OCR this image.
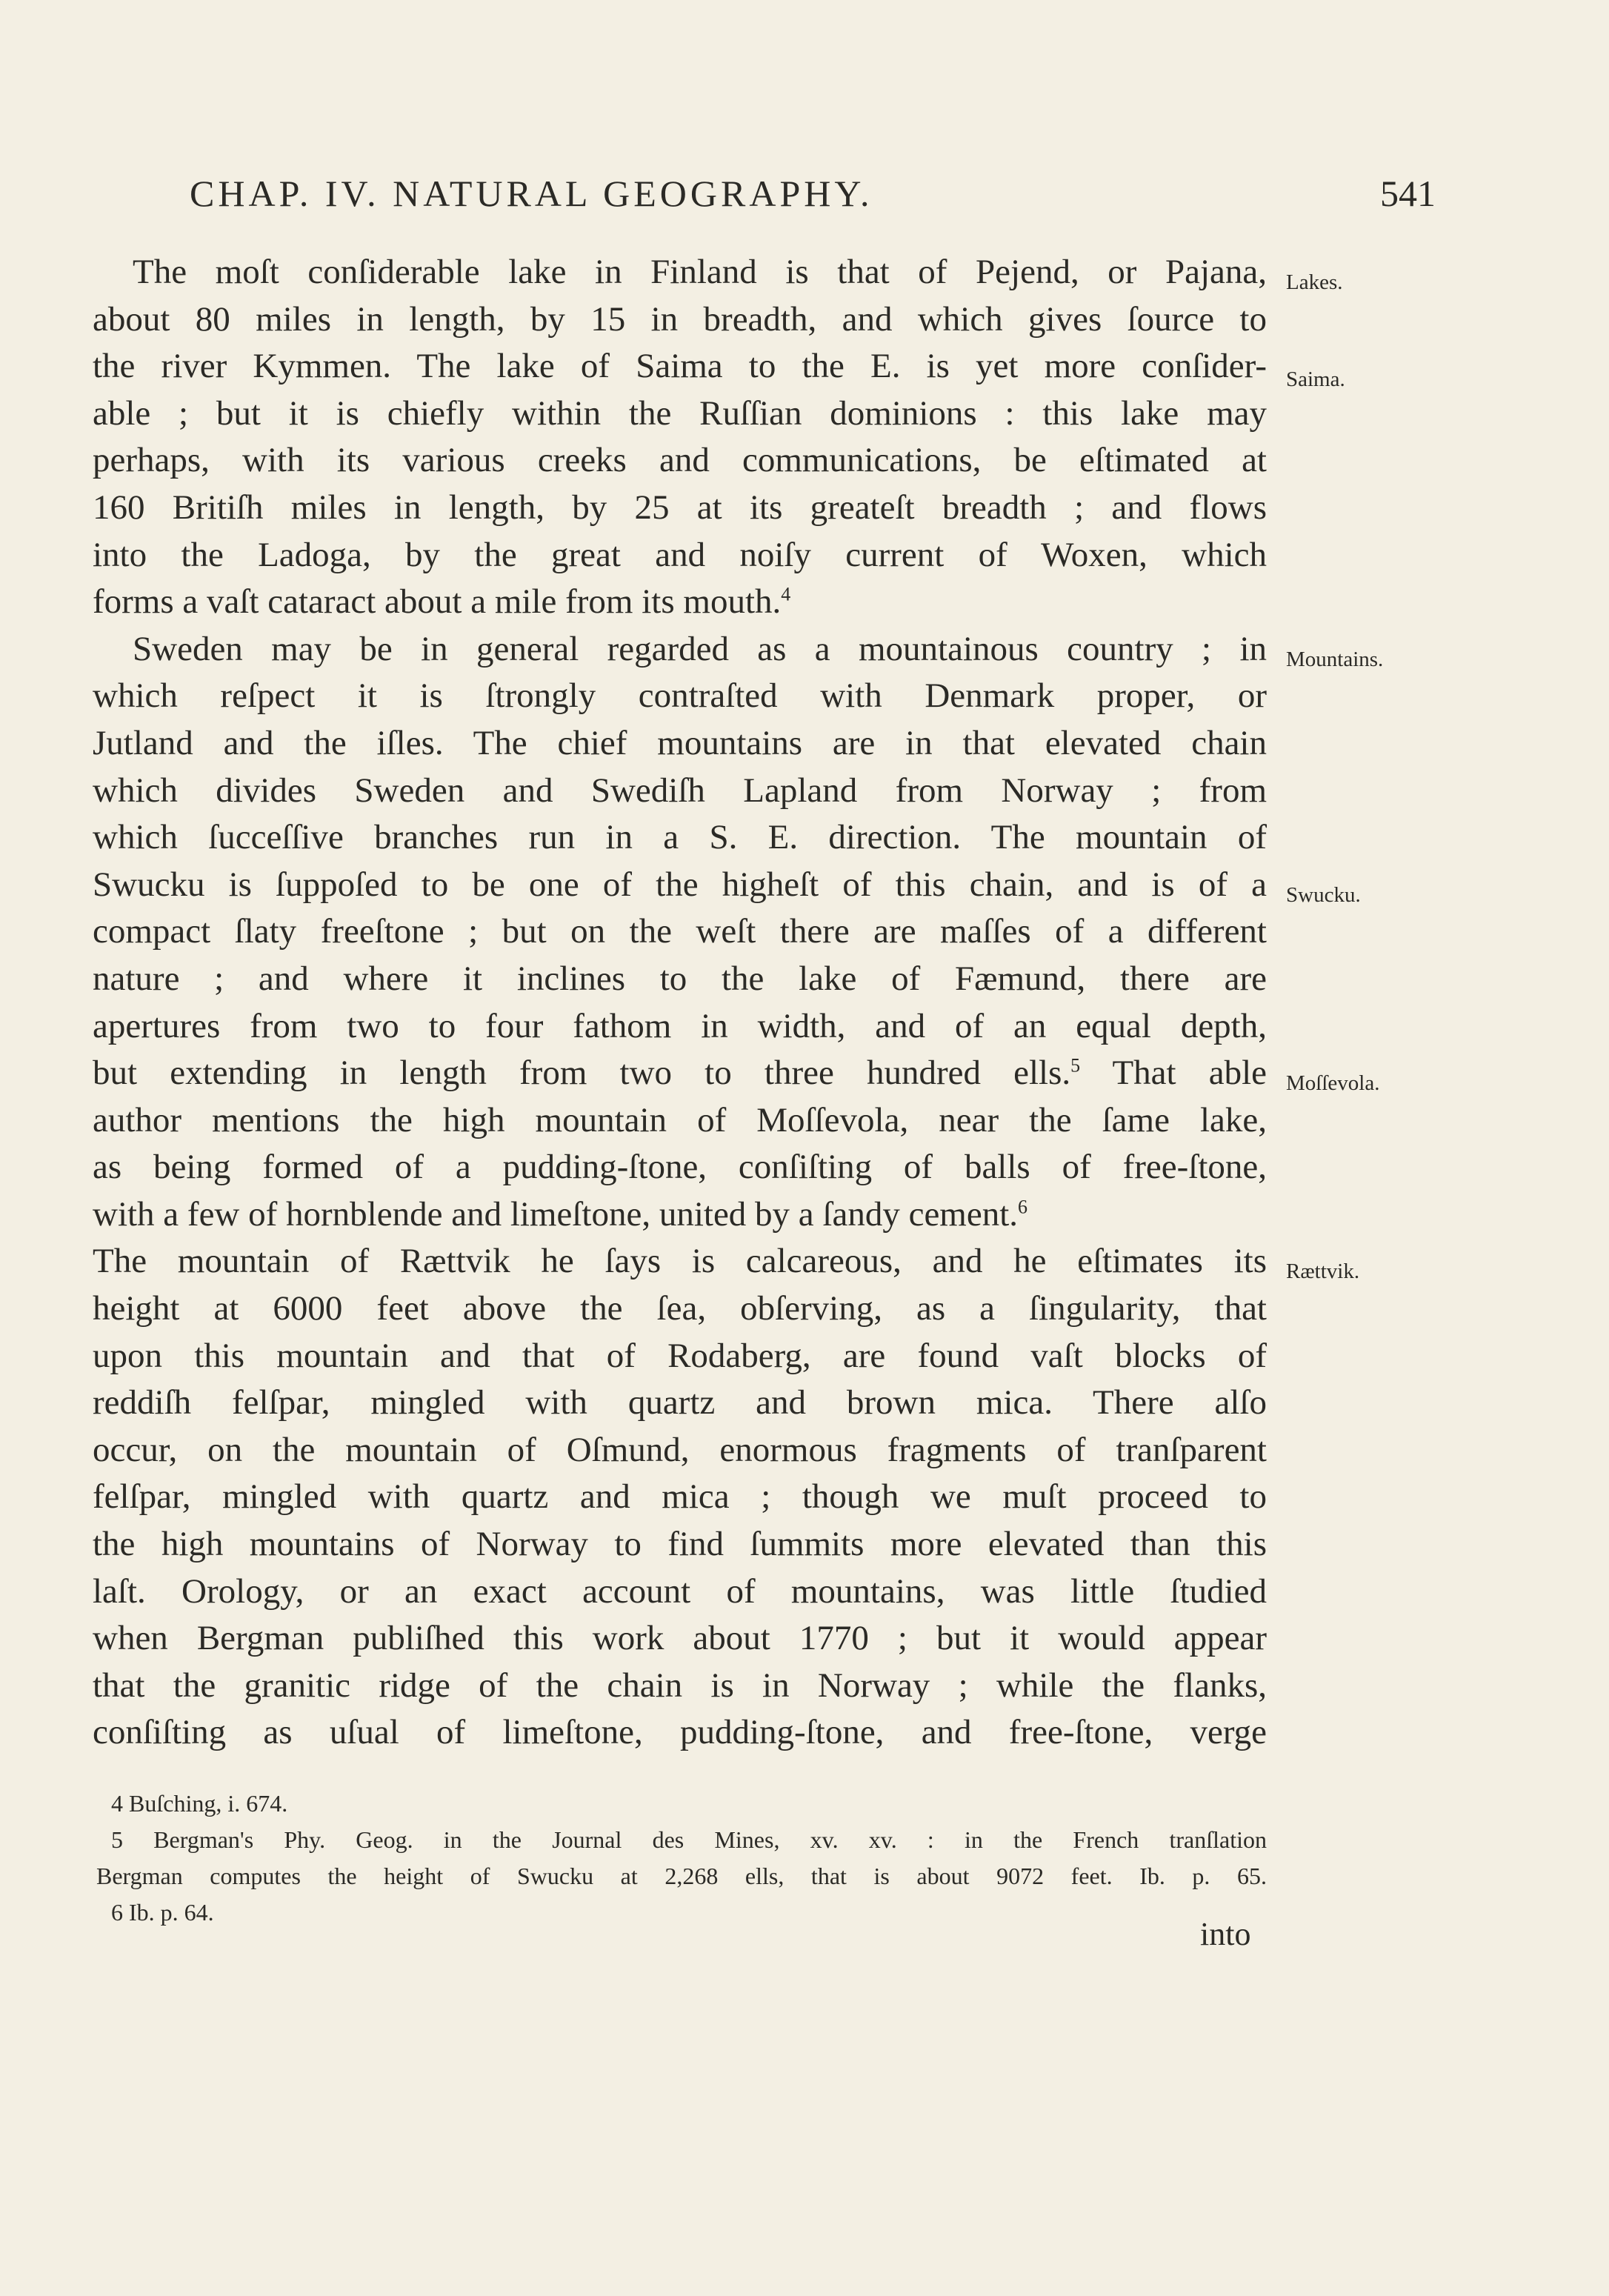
CHAP. IV. NATURAL GEOGRAPHY.	541
The moſt conſiderable lake in Finland is that of Pejend, or Pajana,
about 80 miles in length, by 15 in breadth, and which gives ſource to
the river Kymmen. The lake of Saima to the E. is yet more conſider-
able ; but it is chiefly within the Ruſſian dominions : this lake may
perhaps, with its various creeks and communications, be eſtimated at
160 Britiſh miles in length, by 25 at its greateſt breadth ; and flows
into the Ladoga, by the great and noiſy current of Woxen, which
forms a vaſt cataract about a mile from its mouth.$^4$
Sweden may be in general regarded as a mountainous country ; in
which reſpect it is ſtrongly contraſted with Denmark proper, or
Jutland and the iſles. The chief mountains are in that elevated chain
which divides Sweden and Swediſh Lapland from Norway ; from
which ſucceſſive branches run in a S. E. direction. The mountain of
Swucku is ſuppoſed to be one of the higheſt of this chain, and is of a
compact ſlaty freeſtone ; but on the weſt there are maſſes of a different
nature ; and where it inclines to the lake of Fæmund, there are
apertures from two to four fathom in width, and of an equal depth,
but extending in length from two to three hundred ells.$^5$ That able
author mentions the high mountain of Moſſevola, near the ſame lake,
as being formed of a pudding-ſtone, conſiſting of balls of free-ſtone,
with a few of hornblende and limeſtone, united by a ſandy cement.$^6$
The mountain of Rættvik he ſays is calcareous, and he eſtimates its
height at 6000 feet above the ſea, obſerving, as a ſingularity, that
upon this mountain and that of Rodaberg, are found vaſt blocks of
reddiſh felſpar, mingled with quartz and brown mica. There alſo
occur, on the mountain of Oſmund, enormous fragments of tranſparent
felſpar, mingled with quartz and mica ; though we muſt proceed to
the high mountains of Norway to find ſummits more elevated than this
laſt. Orology, or an exact account of mountains, was little ſtudied
when Bergman publiſhed this work about 1770 ; but it would appear
that the granitic ridge of the chain is in Norway ; while the flanks,
conſiſting as uſual of limeſtone, pudding-ſtone, and free-ſtone, verge
Lakes.
Saima.
Mountains.
Swucku.
Moſſevola.
Rættvik.
4 Buſching, i. 674.
5 Bergman's Phy. Geog. in the Journal des Mines, xv. xv. : in the French tranſlation
Bergman computes the height of Swucku at 2,268 ells, that is about 9072 feet. Ib. p. 65.
6 Ib. p. 64.
into
